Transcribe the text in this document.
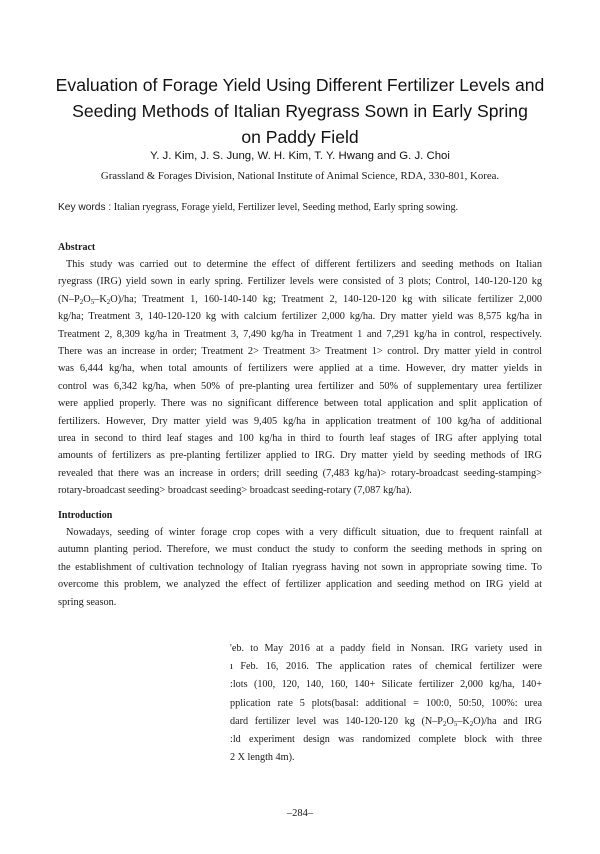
Evaluation of Forage Yield Using Different Fertilizer Levels and
Seeding Methods of Italian Ryegrass Sown in Early Spring
on Paddy Field
Y. J. Kim, J. S. Jung, W. H. Kim, T. Y. Hwang and G. J. Choi
Grassland & Forages Division, National Institute of Animal Science, RDA, 330-801, Korea.
Key words : Italian ryegrass, Forage yield, Fertilizer level, Seeding method, Early spring sowing.
Abstract
This study was carried out to determine the effect of different fertilizers and seeding methods on Italian
ryegrass (IRG) yield sown in early spring. Fertilizer levels were consisted of 3 plots; Control, 140-120-120 kg
$(N-P_2O_5-K_2O)/ha$; Treatment 1, 160-140-140 kg; Treatment 2, 140-120-120 kg with silicate fertilizer 2,000
kg/ha; Treatment 3, 140-120-120 kg with calcium fertilizer 2,000 kg/ha. Dry matter yield was 8,575 kg/ha in
Treatment 2, 8,309 kg/ha in Treatment 3, 7,490 kg/ha in Treatment 1 and 7,291 kg/ha in control, respectively.
There was an increase in order; Treatment 2> Treatment 3> Treatment 1> control. Dry matter yield in control
was 6,444 kg/ha, when total amounts of fertilizers were applied at a time. However, dry matter yields in
control was 6,342 kg/ha, when 50% of pre-planting urea fertilizer and 50% of supplementary urea fertilizer
were applied properly. There was no significant difference between total application and split application of
fertilizers. However, Dry matter yield was 9,405 kg/ha in application treatment of 100 kg/ha of additional
urea in second to third leaf stages and 100 kg/ha in third to fourth leaf stages of IRG after applying total
amounts of fertilizers as pre-planting fertilizer applied to IRG. Dry matter yield by seeding methods of IRG
revealed that there was an increase in orders; drill seeding (7,483 kg/ha)> rotary-broadcast seeding-stamping>
rotary-broadcast seeding> broadcast seeding> broadcast seeding-rotary (7,087 kg/ha).
Introduction
Nowadays, seeding of winter forage crop copes with a very difficult situation, due to frequent rainfall at
autumn planting period. Therefore, we must conduct the study to conform the seeding methods in spring on
the establishment of cultivation technology of Italian ryegrass having not sown in appropriate sowing time. To
overcome this problem, we analyzed the effect of fertilizer application and seeding method on IRG yield at
spring season.
'eb. to May 2016 at a paddy field in Nonsan. IRG variety used in
ı Feb. 16, 2016. The application rates of chemical fertilizer were
:lots (100, 120, 140, 160, 140+ Silicate fertilizer 2,000 kg/ha, 140+
pplication rate 5 plots(basal: additional = 100:0, 50:50, 100%: urea
dard fertilizer level was 140-120-120 kg $(N-P_2O_5-K_2O)/ha$ and IRG
:ld experiment design was randomized complete block with three
2 X length 4m).
–284–
